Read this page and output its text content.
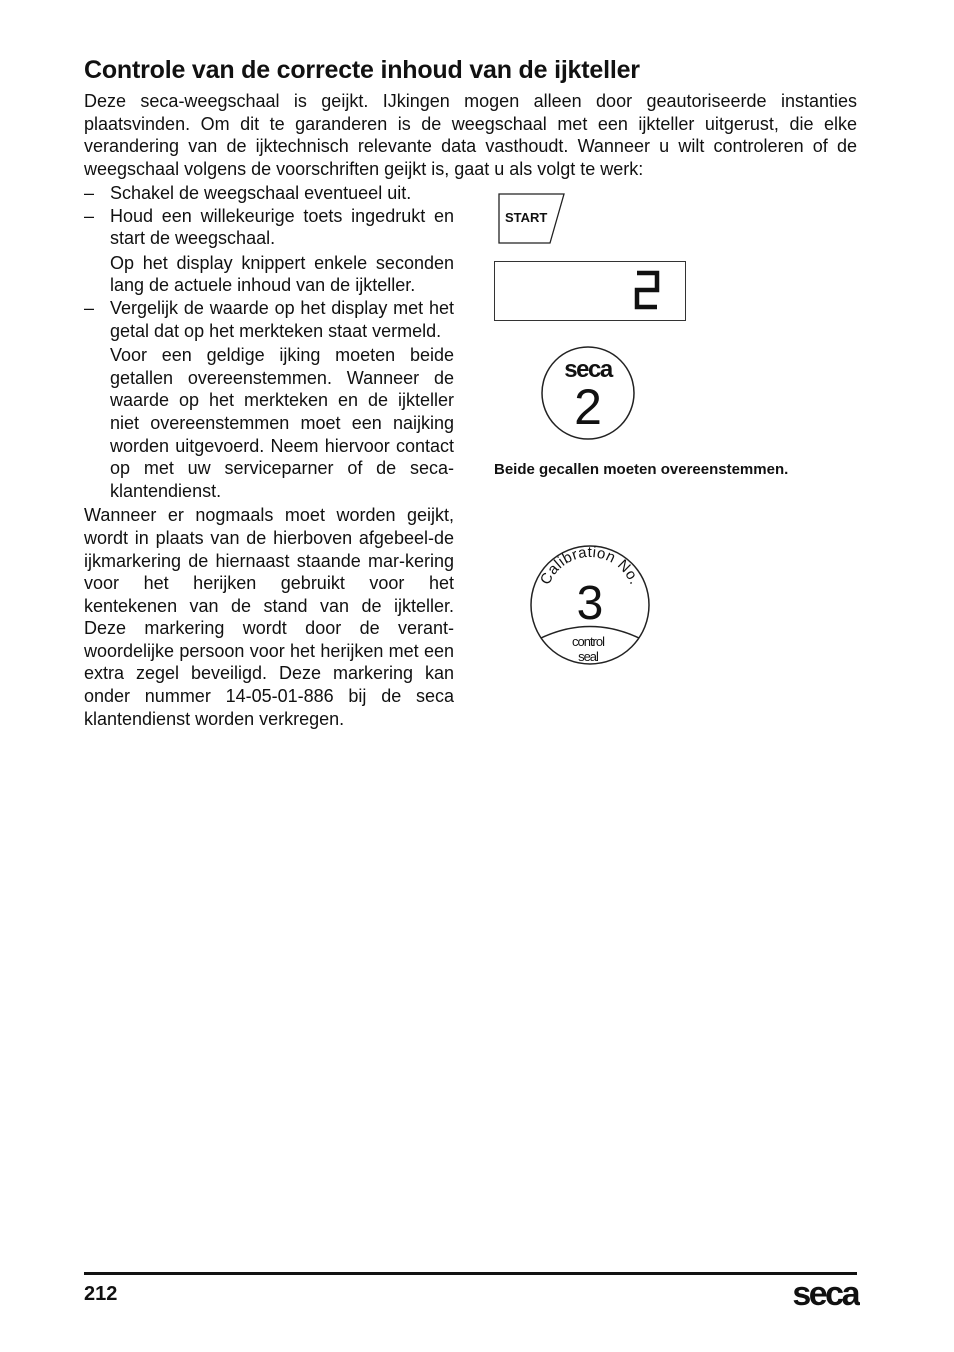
Controle van de correcte inhoud van de ijkteller

Deze seca-weegschaal is geijkt. IJkingen mogen alleen door geautoriseerde instanties plaatsvinden. Om dit te garanderen is de weegschaal met een ijkteller uitgerust, die elke verandering van de ijktechnisch relevante data vasthoudt. Wanneer u wilt controleren of de weegschaal volgens de voorschriften geijkt is, gaat u als volgt te werk:

– Schakel de weegschaal eventueel uit.

– Houd een willekeurige toets ingedrukt en start de weegschaal.

Op het display knippert enkele seconden lang de actuele inhoud van de ijkteller.

– Vergelijk de waarde op het display met het getal dat op het merkteken staat vermeld.

Voor een geldige ijking moeten beide getallen overeenstemmen. Wanneer de waarde op het merkteken en de ijkteller niet overeenstemmen moet een naijking worden uitgevoerd. Neem hiervoor contact op met uw serviceparner of de seca-klantendienst.

Wanneer er nogmaals moet worden geijkt, wordt in plaats van de hierboven afgebeel-de ijkmarkering de hiernaast staande mar-kering voor het herijken gebruikt voor het kentekenen van de stand van de ijkteller. Deze markering wordt door de verant-woordelijke persoon voor het herijken met een extra zegel beveiligd. Deze markering kan onder nummer 14-05-01-886 bij de seca klantendienst worden verkregen.

START
seca
2

Beide gecallen moeten overeenstemmen.

Calibration No.
3
control
seal
212	seca
